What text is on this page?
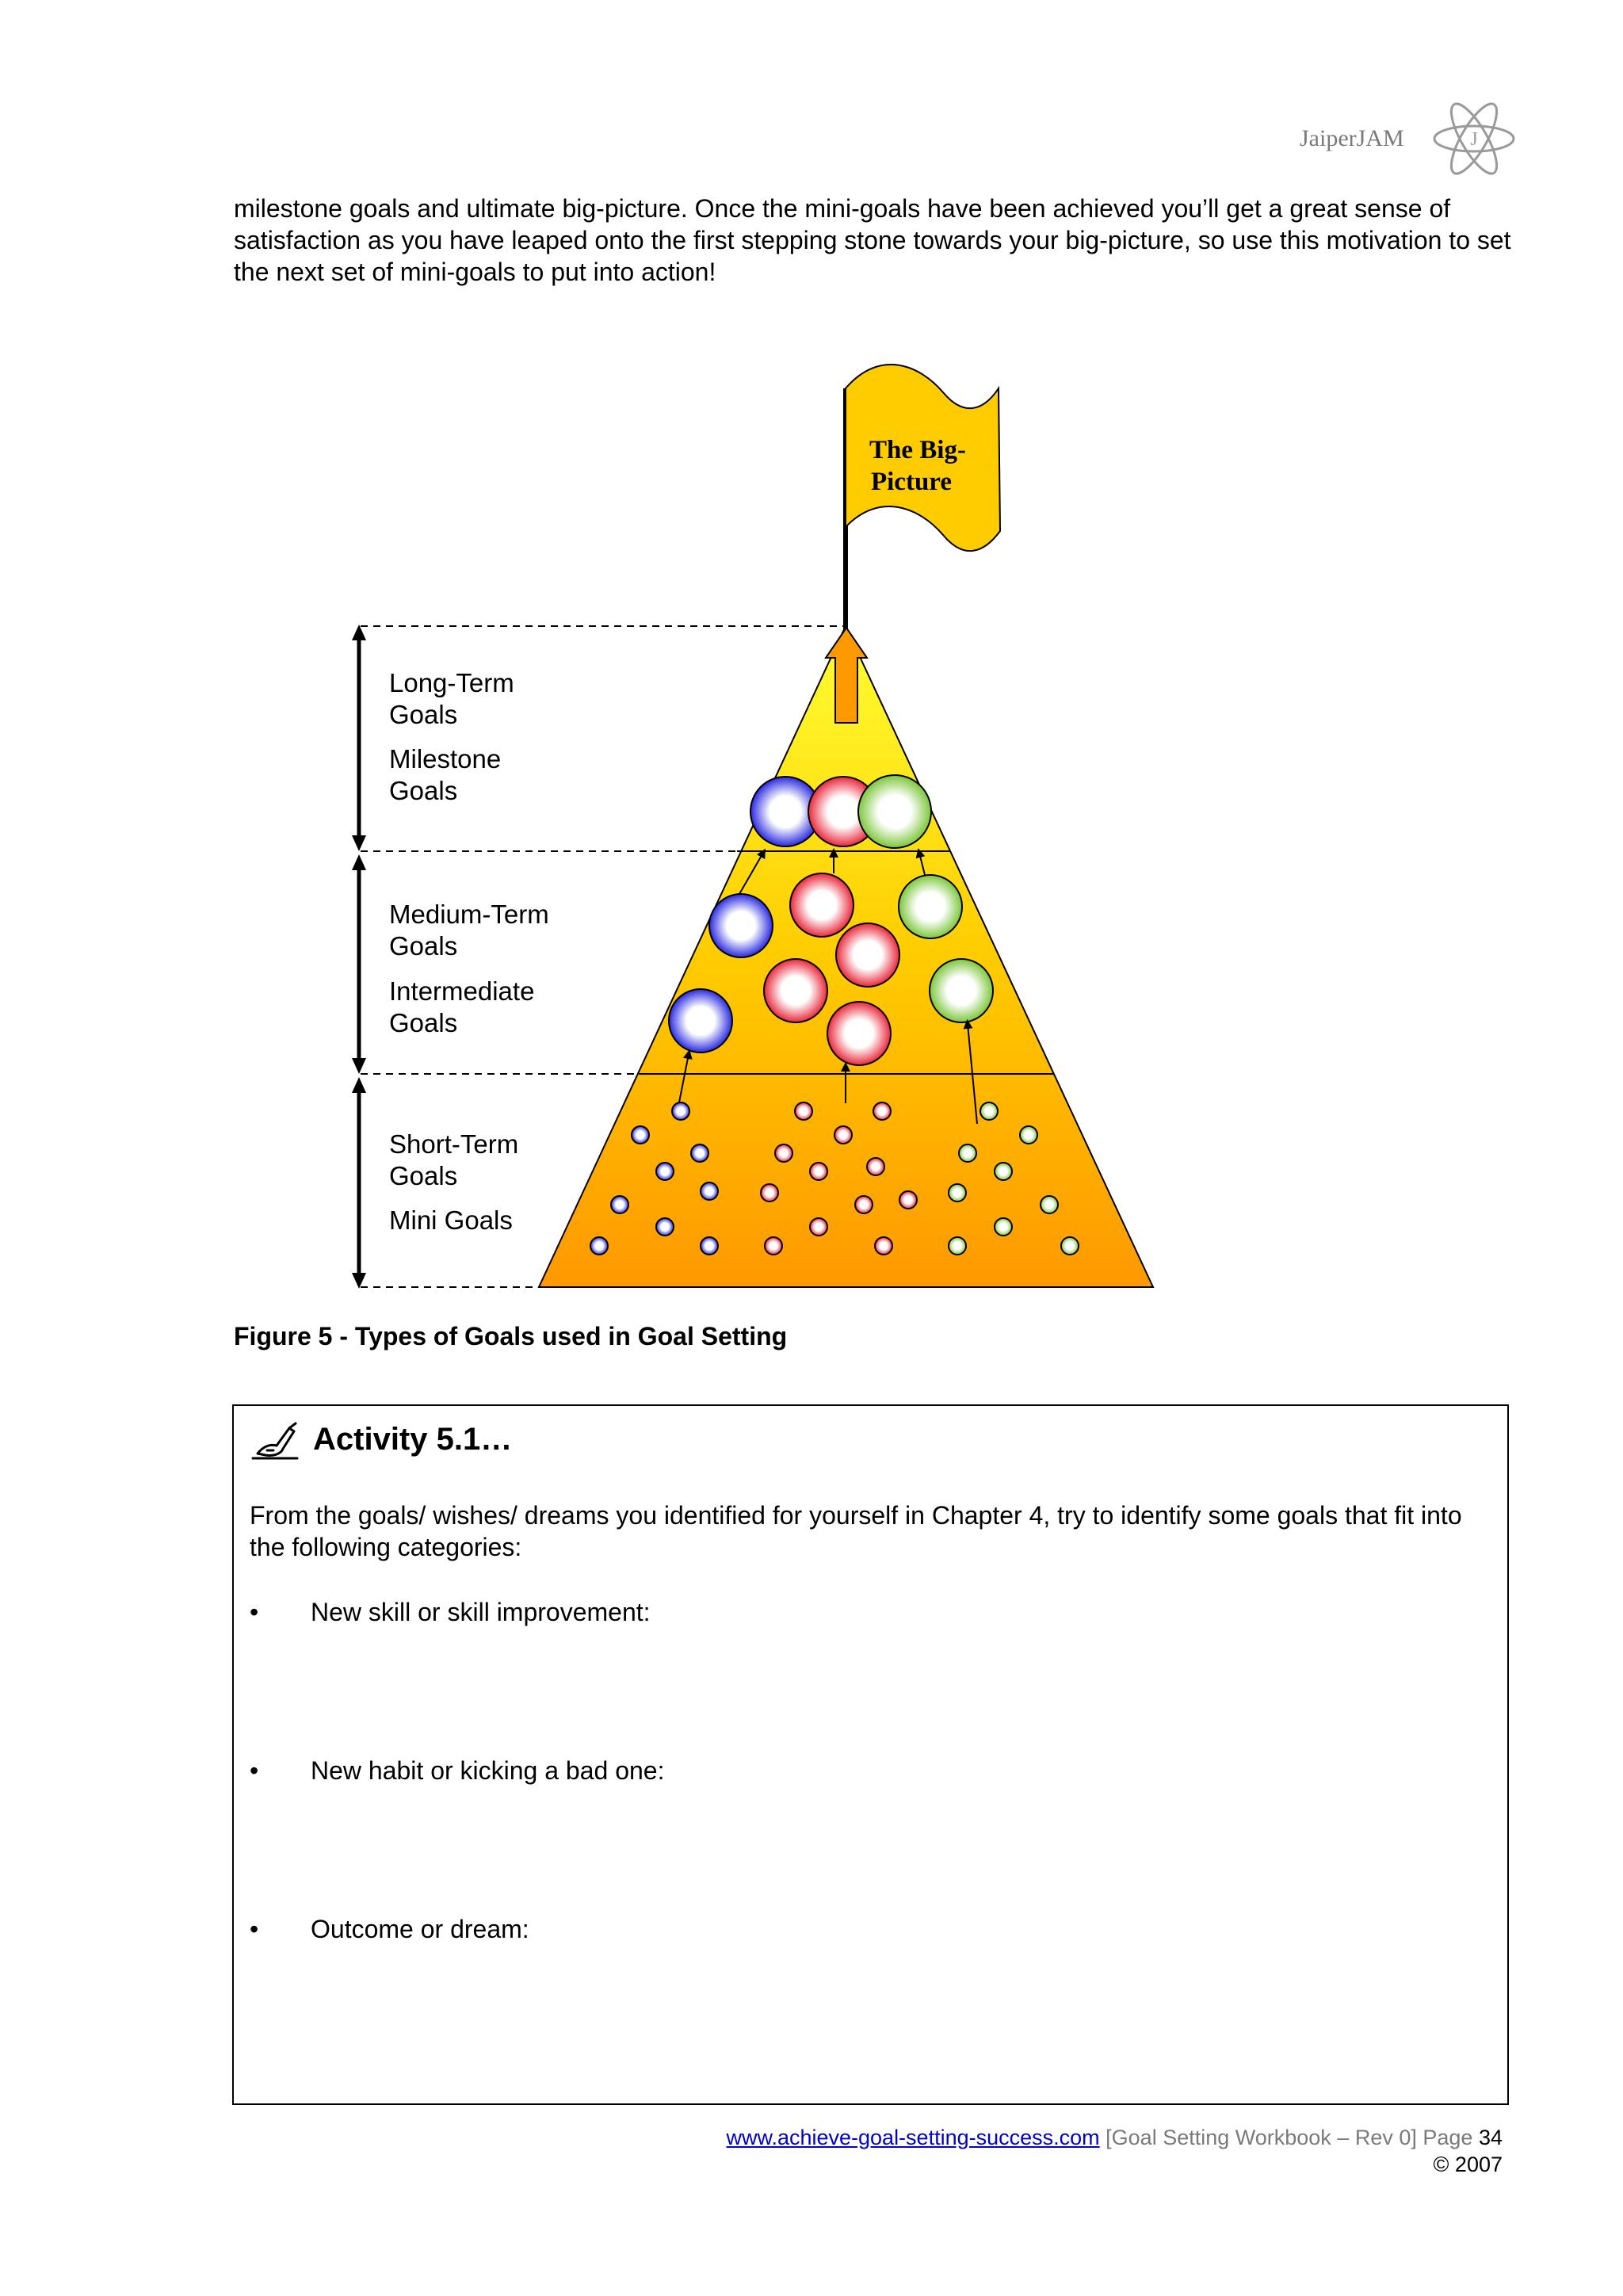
JaiperJAM	J

milestone goals and ultimate big-picture. Once the mini-goals have been achieved you’ll get a great sense of satisfaction as you have leaped onto the first stepping stone towards your big-picture, so use this motivation to set the next set of mini-goals to put into action!

The Big-
Picture

Long-Term

Goals

Milestone

Goals

Medium-Term

Goals

Intermediate

Goals

Short-Term

Goals

Mini Goals

Figure 5 - Types of Goals used in Goal Setting

Activity 5.1…

From the goals/ wishes/ dreams you identified for yourself in Chapter 4, try to identify some goals that fit into the following categories:

• New skill or skill improvement:
• New habit or kicking a bad one:
• Outcome or dream:
www.achieve-goal-setting-success.com [Goal Setting Workbook – Rev 0] Page 34
© 2007
